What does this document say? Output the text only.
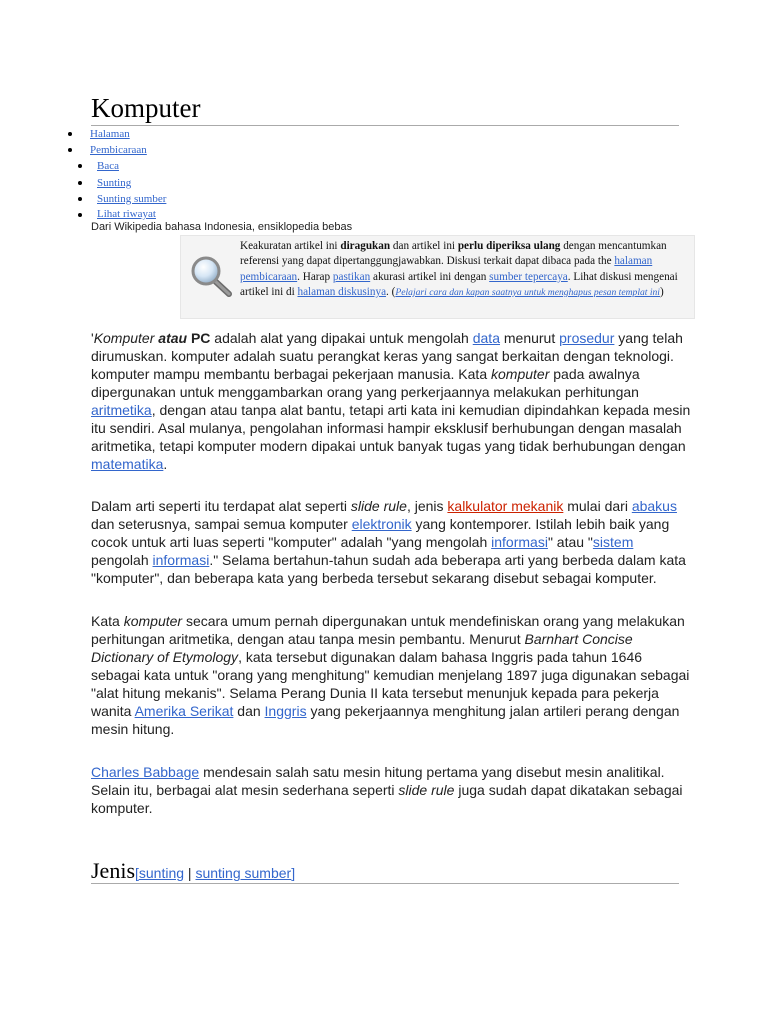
Komputer
Halaman
Pembicaraan
Baca
Sunting
Sunting sumber
Lihat riwayat
Dari Wikipedia bahasa Indonesia, ensiklopedia bebas
Keakuratan artikel ini diragukan dan artikel ini perlu diperiksa ulang dengan mencantumkan referensi yang dapat dipertanggungjawabkan. Diskusi terkait dapat dibaca pada the halaman pembicaraan. Harap pastikan akurasi artikel ini dengan sumber tepercaya. Lihat diskusi mengenai artikel ini di halaman diskusinya. (Pelajari cara dan kapan saatnya untuk menghapus pesan templat ini)
'Komputer atau PC adalah alat yang dipakai untuk mengolah data menurut prosedur yang telah dirumuskan. komputer adalah suatu perangkat keras yang sangat berkaitan dengan teknologi. komputer mampu membantu berbagai pekerjaan manusia. Kata komputer pada awalnya dipergunakan untuk menggambarkan orang yang perkerjaannya melakukan perhitungan aritmetika, dengan atau tanpa alat bantu, tetapi arti kata ini kemudian dipindahkan kepada mesin itu sendiri. Asal mulanya, pengolahan informasi hampir eksklusif berhubungan dengan masalah aritmetika, tetapi komputer modern dipakai untuk banyak tugas yang tidak berhubungan dengan matematika.
Dalam arti seperti itu terdapat alat seperti slide rule, jenis kalkulator mekanik mulai dari abakus dan seterusnya, sampai semua komputer elektronik yang kontemporer. Istilah lebih baik yang cocok untuk arti luas seperti "komputer" adalah "yang mengolah informasi" atau "sistem pengolah informasi." Selama bertahun-tahun sudah ada beberapa arti yang berbeda dalam kata "komputer", dan beberapa kata yang berbeda tersebut sekarang disebut sebagai komputer.
Kata komputer secara umum pernah dipergunakan untuk mendefiniskan orang yang melakukan perhitungan aritmetika, dengan atau tanpa mesin pembantu. Menurut Barnhart Concise Dictionary of Etymology, kata tersebut digunakan dalam bahasa Inggris pada tahun 1646 sebagai kata untuk "orang yang menghitung" kemudian menjelang 1897 juga digunakan sebagai "alat hitung mekanis". Selama Perang Dunia II kata tersebut menunjuk kepada para pekerja wanita Amerika Serikat dan Inggris yang pekerjaannya menghitung jalan artileri perang dengan mesin hitung.
Charles Babbage mendesain salah satu mesin hitung pertama yang disebut mesin analitikal. Selain itu, berbagai alat mesin sederhana seperti slide rule juga sudah dapat dikatakan sebagai komputer.
Jenis[sunting | sunting sumber]
